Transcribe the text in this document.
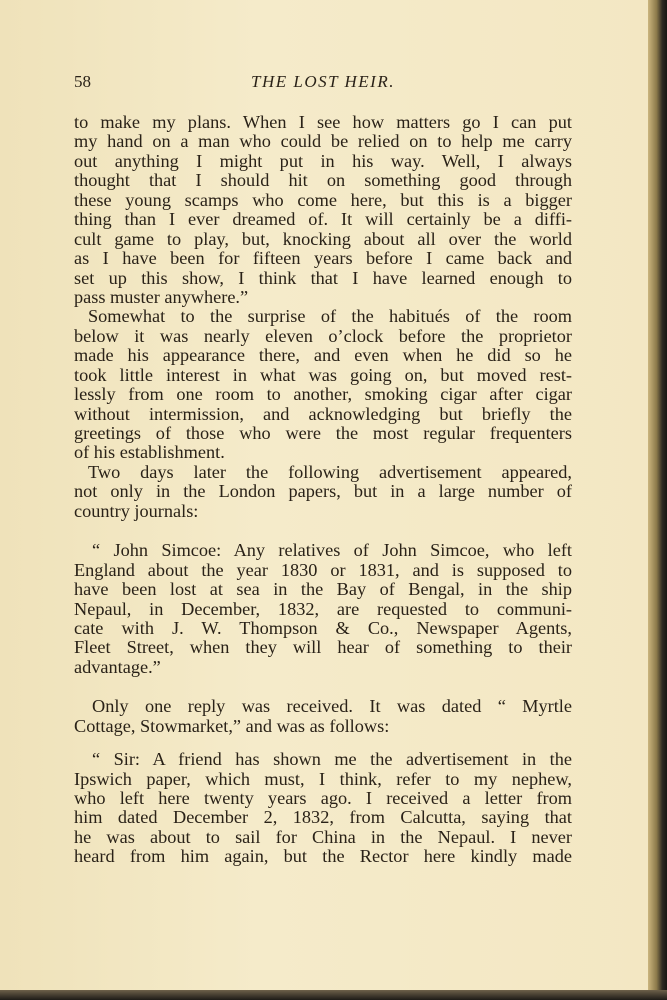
58	THE LOST HEIR.
to make my plans. When I see how matters go I can put
my hand on a man who could be relied on to help me carry
out anything I might put in his way. Well, I always
thought that I should hit on something good through
these young scamps who come here, but this is a bigger
thing than I ever dreamed of. It will certainly be a diffi-
cult game to play, but, knocking about all over the world
as I have been for fifteen years before I came back and
set up this show, I think that I have learned enough to
pass muster anywhere.”
Somewhat to the surprise of the habitués of the room
below it was nearly eleven o’clock before the proprietor
made his appearance there, and even when he did so he
took little interest in what was going on, but moved rest-
lessly from one room to another, smoking cigar after cigar
without intermission, and acknowledging but briefly the
greetings of those who were the most regular frequenters
of his establishment.
Two days later the following advertisement appeared,
not only in the London papers, but in a large number of
country journals:
“ John Simcoe: Any relatives of John Simcoe, who left
England about the year 1830 or 1831, and is supposed to
have been lost at sea in the Bay of Bengal, in the ship
Nepaul, in December, 1832, are requested to communi-
cate with J. W. Thompson & Co., Newspaper Agents,
Fleet Street, when they will hear of something to their
advantage.”
Only one reply was received. It was dated “ Myrtle
Cottage, Stowmarket,” and was as follows:
“ Sir: A friend has shown me the advertisement in the
Ipswich paper, which must, I think, refer to my nephew,
who left here twenty years ago. I received a letter from
him dated December 2, 1832, from Calcutta, saying that
he was about to sail for China in the Nepaul. I never
heard from him again, but the Rector here kindly made
